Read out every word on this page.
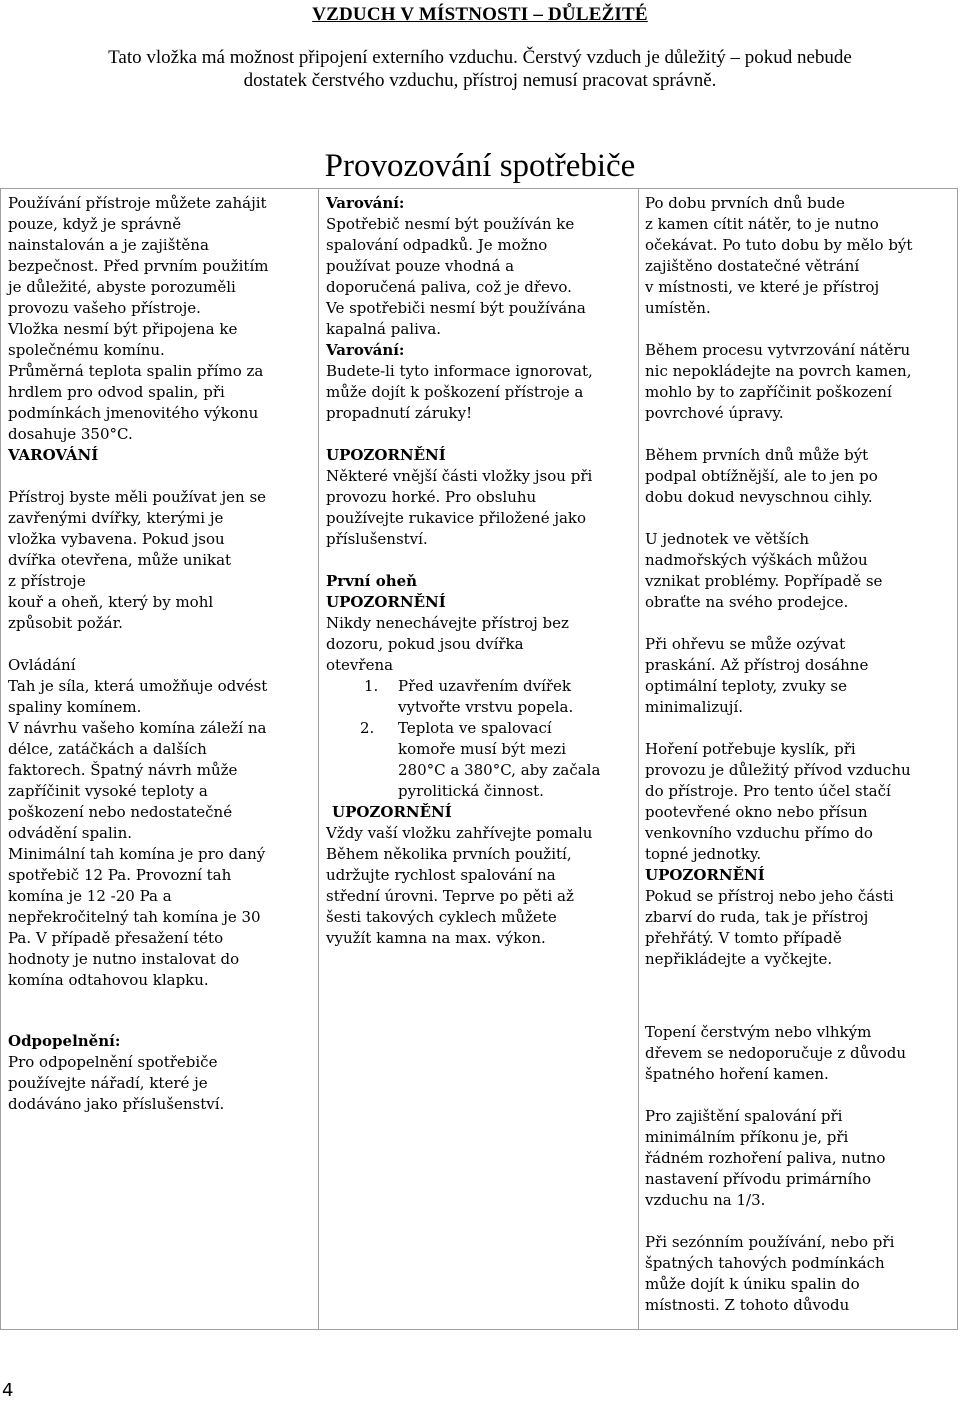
VZDUCH V MÍSTNOSTI – DŮLEŽITÉ
Tato vložka má možnost připojení externího vzduchu. Čerstvý vzduch je důležitý – pokud nebude
dostatek čerstvého vzduchu, přístroj nemusí pracovat správně.
Provozování spotřebiče

Používání přístroje můžete zahájit

pouze, když je správně

nainstalován a je zajištěna

bezpečnost. Před prvním použitím

je důležité, abyste porozuměli

provozu vašeho přístroje.

Vložka nesmí být připojena ke

společnému komínu.

Průměrná teplota spalin přímo za

hrdlem pro odvod spalin, při

podmínkách jmenovitého výkonu

dosahuje 350°C.

VAROVÁNÍ

Přístroj byste měli používat jen se

zavřenými dvířky, kterými je

vložka vybavena. Pokud jsou

dvířka otevřena, může unikat

z přístroje

kouř a oheň, který by mohl

způsobit požár.

Ovládání

Tah je síla, která umožňuje odvést

spaliny komínem.

V návrhu vašeho komína záleží na

délce, zatáčkách a dalších

faktorech. Špatný návrh může

zapříčinit vysoké teploty a

poškození nebo nedostatečné

odvádění spalin.

Minimální tah komína je pro daný

spotřebič 12 Pa. Provozní tah

komína je 12 -20 Pa a

nepřekročitelný tah komína je 30

Pa. V případě přesažení této

hodnoty je nutno instalovat do

komína odtahovou klapku.

Odpopelnění:

Pro odpopelnění spotřebiče

používejte nářadí, které je

dodáváno jako příslušenství.

Varování:

Spotřebič nesmí být používán ke

spalování odpadků. Je možno

používat pouze vhodná a

doporučená paliva, což je dřevo.

Ve spotřebiči nesmí být používána

kapalná paliva.

Varování:

Budete-li tyto informace ignorovat,

může dojít k poškození přístroje a

propadnutí záruky!

UPOZORNĚNÍ

Některé vnější části vložky jsou při

provozu horké. Pro obsluhu

používejte rukavice přiložené jako

příslušenství.

První oheň

UPOZORNĚNÍ

Nikdy nenechávejte přístroj bez

dozoru, pokud jsou dvířka

otevřena

1. Před uzavřením dvířek
vytvořte vrstvu popela.
2. Teplota ve spalovací
komoře musí být mezi
280°C a 380°C, aby začala
pyrolitická činnost.

UPOZORNĚNÍ

Vždy vaší vložku zahřívejte pomalu

Během několika prvních použití,

udržujte rychlost spalování na

střední úrovni. Teprve po pěti až

šesti takových cyklech můžete

využít kamna na max. výkon.

Po dobu prvních dnů bude

z kamen cítit nátěr, to je nutno

očekávat. Po tuto dobu by mělo být

zajištěno dostatečné větrání

v místnosti, ve které je přístroj

umístěn.

Během procesu vytvrzování nátěru

nic nepokládejte na povrch kamen,

mohlo by to zapříčinit poškození

povrchové úpravy.

Během prvních dnů může být

podpal obtížnější, ale to jen po

dobu dokud nevyschnou cihly.

U jednotek ve větších

nadmořských výškách můžou

vznikat problémy. Popřípadě se

obraťte na svého prodejce.

Při ohřevu se může ozývat

praskání. Až přístroj dosáhne

optimální teploty, zvuky se

minimalizují.

Hoření potřebuje kyslík, při

provozu je důležitý přívod vzduchu

do přístroje. Pro tento účel stačí

pootevřené okno nebo přísun

venkovního vzduchu přímo do

topné jednotky.

UPOZORNĚNÍ

Pokud se přístroj nebo jeho části

zbarví do ruda, tak je přístroj

přehřátý. V tomto případě

nepřikládejte a vyčkejte.

Topení čerstvým nebo vlhkým

dřevem se nedoporučuje z důvodu

špatného hoření kamen.

Pro zajištění spalování při

minimálním příkonu je, při

řádném rozhoření paliva, nutno

nastavení přívodu primárního

vzduchu na 1/3.

Při sezónním používání, nebo při

špatných tahových podmínkách

může dojít k úniku spalin do

místnosti. Z tohoto důvodu

4
